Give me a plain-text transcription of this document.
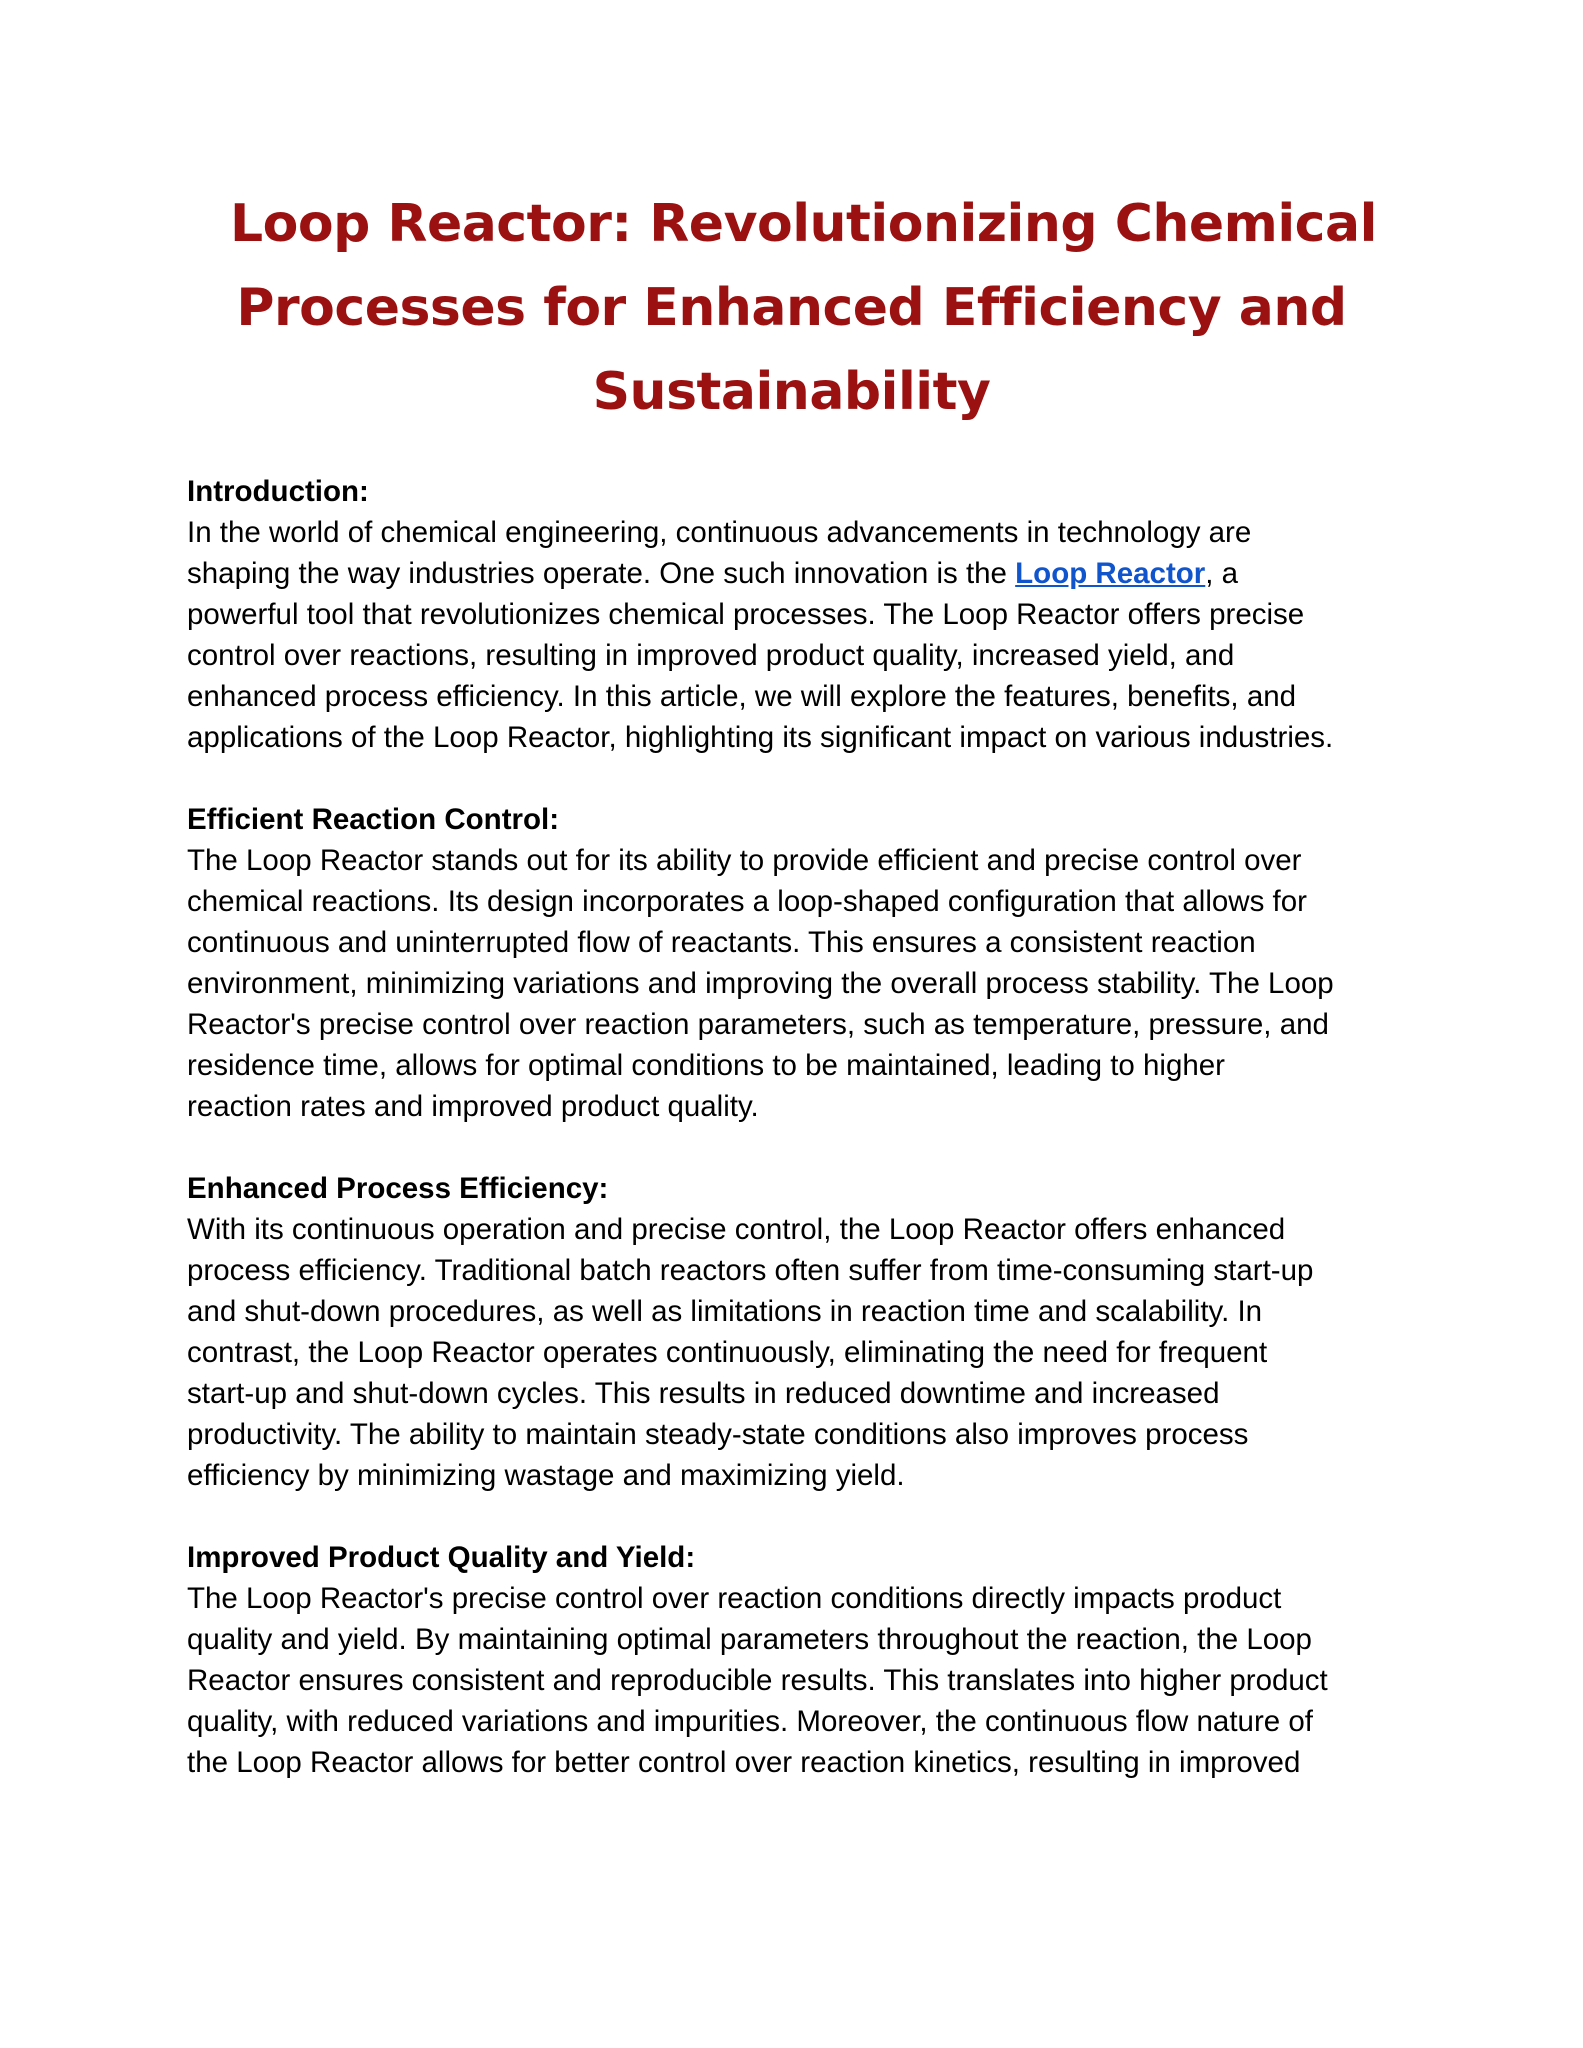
Loop Reactor: Revolutionizing Chemical
Processes for Enhanced Efficiency and
Sustainability
Introduction:

In the world of chemical engineering, continuous advancements in technology are
shaping the way industries operate. One such innovation is the Loop Reactor, a
powerful tool that revolutionizes chemical processes. The Loop Reactor offers precise
control over reactions, resulting in improved product quality, increased yield, and
enhanced process efficiency. In this article, we will explore the features, benefits, and
applications of the Loop Reactor, highlighting its significant impact on various industries.

Efficient Reaction Control:

The Loop Reactor stands out for its ability to provide efficient and precise control over
chemical reactions. Its design incorporates a loop-shaped configuration that allows for
continuous and uninterrupted flow of reactants. This ensures a consistent reaction
environment, minimizing variations and improving the overall process stability. The Loop
Reactor's precise control over reaction parameters, such as temperature, pressure, and
residence time, allows for optimal conditions to be maintained, leading to higher
reaction rates and improved product quality.

Enhanced Process Efficiency:

With its continuous operation and precise control, the Loop Reactor offers enhanced
process efficiency. Traditional batch reactors often suffer from time-consuming start-up
and shut-down procedures, as well as limitations in reaction time and scalability. In
contrast, the Loop Reactor operates continuously, eliminating the need for frequent
start-up and shut-down cycles. This results in reduced downtime and increased
productivity. The ability to maintain steady-state conditions also improves process
efficiency by minimizing wastage and maximizing yield.

Improved Product Quality and Yield:

The Loop Reactor's precise control over reaction conditions directly impacts product
quality and yield. By maintaining optimal parameters throughout the reaction, the Loop
Reactor ensures consistent and reproducible results. This translates into higher product
quality, with reduced variations and impurities. Moreover, the continuous flow nature of
the Loop Reactor allows for better control over reaction kinetics, resulting in improved
